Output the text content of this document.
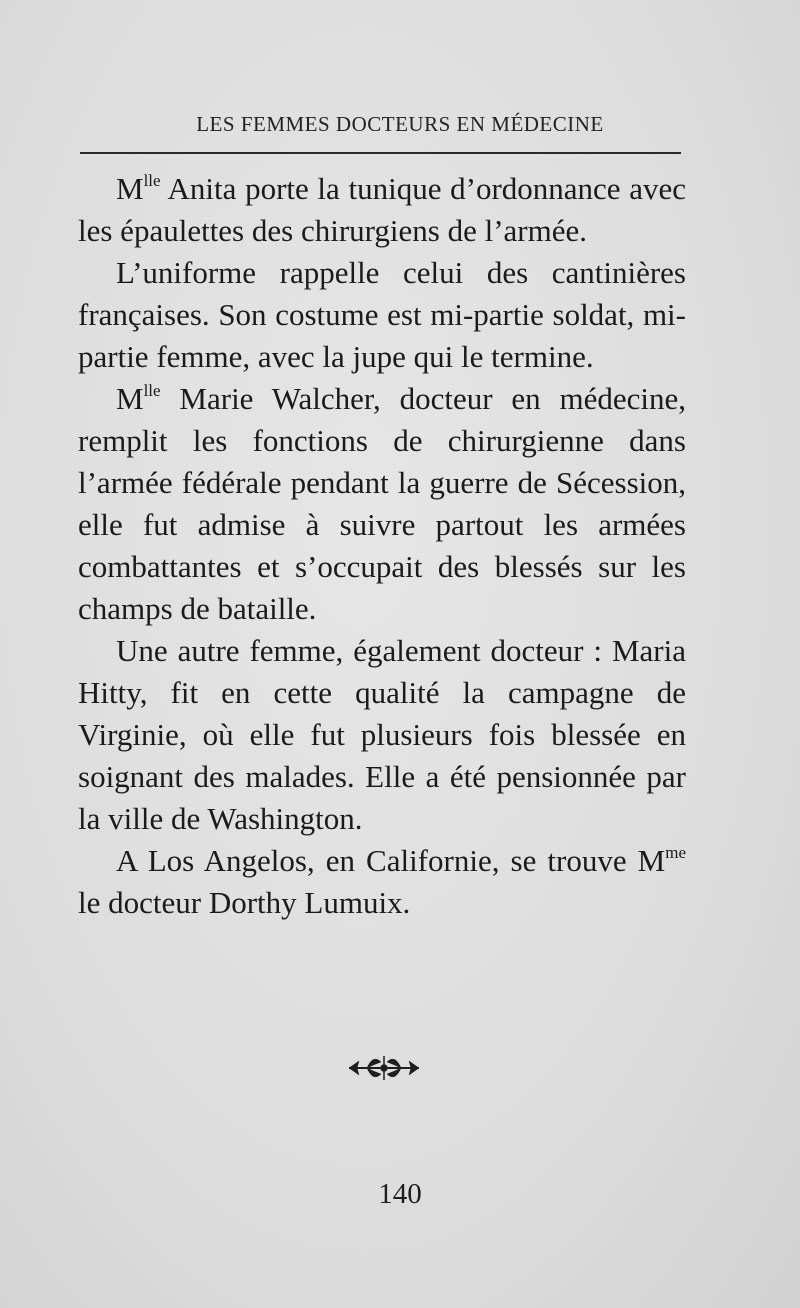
LES FEMMES DOCTEURS EN MÉDECINE

$M^{lle}$ Anita porte la tunique d’ordonnance avec les épaulettes des chirurgiens de l’armée.

L’uniforme rappelle celui des cantinières françaises. Son costume est mi-partie soldat, mi-partie femme, avec la jupe qui le termine.

$M^{lle}$ Marie Walcher, docteur en médecine, remplit les fonctions de chirurgienne dans l’armée fédérale pendant la guerre de Sécession, elle fut admise à suivre partout les armées combattantes et s’occupait des blessés sur les champs de bataille.

Une autre femme, également docteur : Maria Hitty, fit en cette qualité la campagne de Virginie, où elle fut plusieurs fois blessée en soignant des malades. Elle a été pensionnée par la ville de Washington.

A Los Angelos, en Californie, se trouve $M^{me}$ le docteur Dorthy Lumuix.

140
